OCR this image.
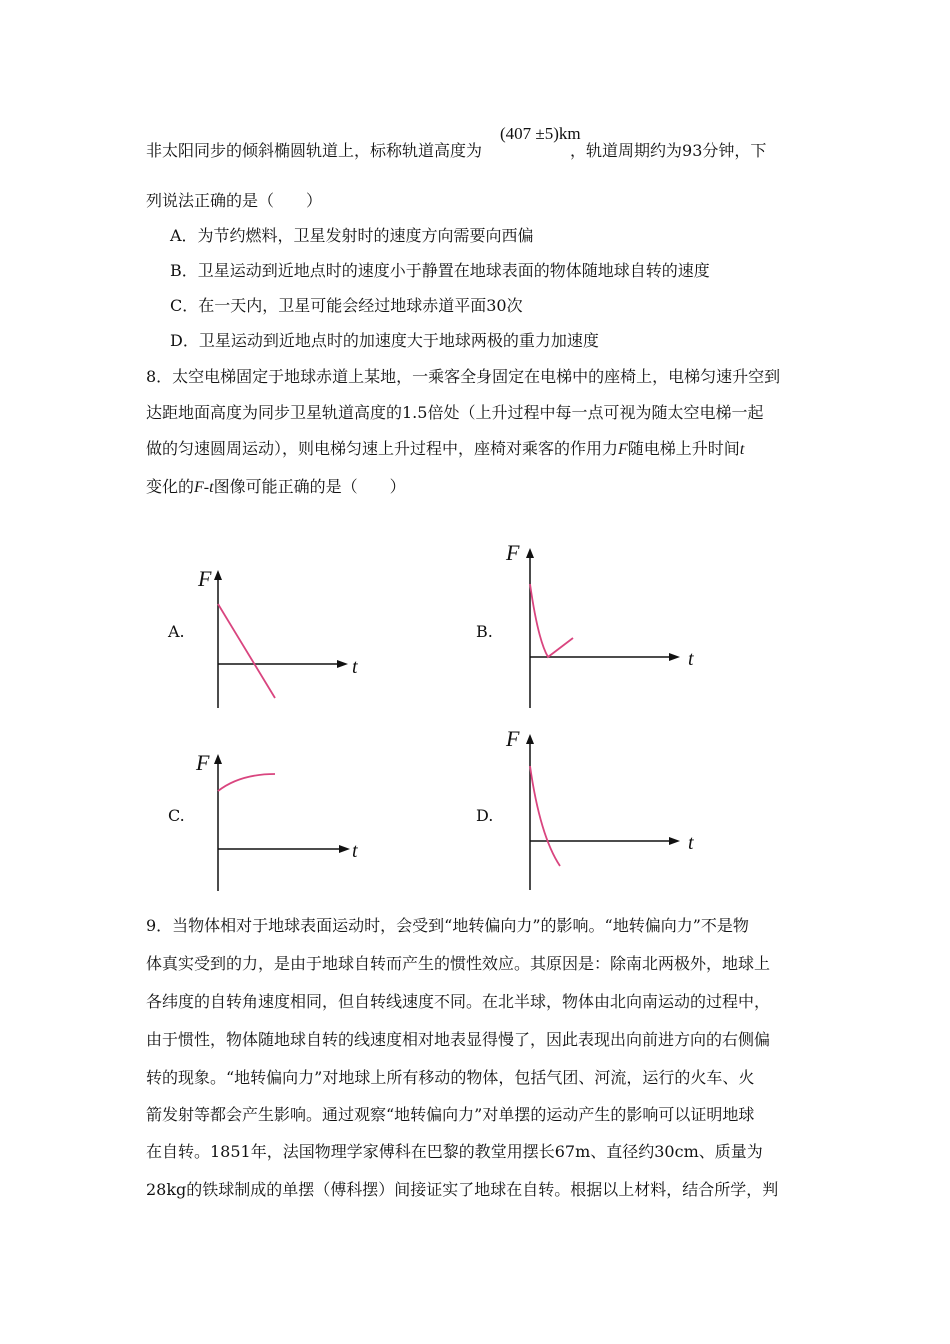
非太阳同步的倾斜椭圆轨道上，标称轨道高度为	，轨道周期约为93分钟，下
(407 ±5)km
列说法正确的是（　　）
A．为节约燃料，卫星发射时的速度方向需要向西偏
B．卫星运动到近地点时的速度小于静置在地球表面的物体随地球自转的速度
C．在一天内，卫星可能会经过地球赤道平面30次
D．卫星运动到近地点时的加速度大于地球两极的重力加速度
8．太空电梯固定于地球赤道上某地，一乘客全身固定在电梯中的座椅上，电梯匀速升空到
达距地面高度为同步卫星轨道高度的1.5倍处（上升过程中每一点可视为随太空电梯一起
做的匀速圆周运动），则电梯匀速上升过程中，座椅对乘客的作用力F随电梯上升时间t
变化的F-t图像可能正确的是（　　）
A.
F
t
B.
F
t
C.
F
t
D.
F
t
9．当物体相对于地球表面运动时，会受到“地转偏向力”的影响。“地转偏向力”不是物
体真实受到的力，是由于地球自转而产生的惯性效应。其原因是：除南北两极外，地球上
各纬度的自转角速度相同，但自转线速度不同。在北半球，物体由北向南运动的过程中，
由于惯性，物体随地球自转的线速度相对地表显得慢了，因此表现出向前进方向的右侧偏
转的现象。“地转偏向力”对地球上所有移动的物体，包括气团、河流，运行的火车、火
箭发射等都会产生影响。通过观察“地转偏向力”对单摆的运动产生的影响可以证明地球
在自转。1851年，法国物理学家傅科在巴黎的教堂用摆长67m、直径约30cm、质量为
28kg的铁球制成的单摆（傅科摆）间接证实了地球在自转。根据以上材料，结合所学，判
